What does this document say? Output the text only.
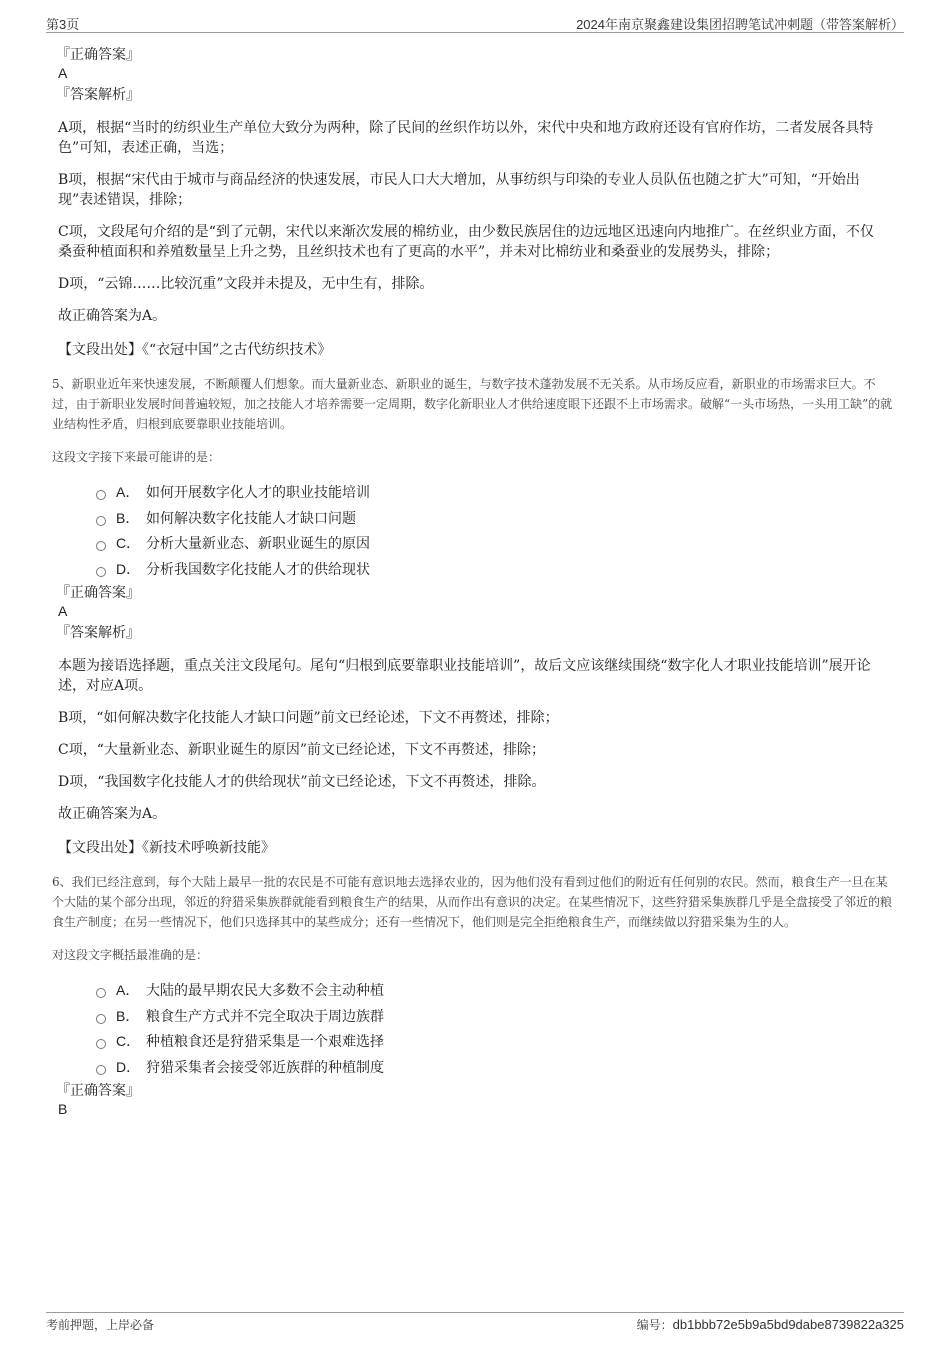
第3页	2024年南京聚鑫建设集团招聘笔试冲刺题（带答案解析）
『正确答案』
A
『答案解析』
A项，根据“当时的纺织业生产单位大致分为两种，除了民间的丝织作坊以外，宋代中央和地方政府还设有官府作坊，二者发展各具特色”可知，表述正确，当选；
B项，根据“宋代由于城市与商品经济的快速发展，市民人口大大增加，从事纺织与印染的专业人员队伍也随之扩大”可知，“开始出现”表述错误，排除；
C项，文段尾句介绍的是“到了元朝，宋代以来渐次发展的棉纺业，由少数民族居住的边远地区迅速向内地推广。在丝织业方面，不仅桑蚕种植面积和养殖数量呈上升之势，且丝织技术也有了更高的水平”，并未对比棉纺业和桑蚕业的发展势头，排除；
D项，“云锦……比较沉重”文段并未提及，无中生有，排除。
故正确答案为A。
【文段出处】《“衣冠中国”之古代纺织技术》
5、新职业近年来快速发展，不断颠覆人们想象。而大量新业态、新职业的诞生，与数字技术蓬勃发展不无关系。从市场反应看，新职业的市场需求巨大。不过，由于新职业发展时间普遍较短，加之技能人才培养需要一定周期，数字化新职业人才供给速度眼下还跟不上市场需求。破解“一头市场热，一头用工缺”的就业结构性矛盾，归根到底要靠职业技能培训。
这段文字接下来最可能讲的是：
A． 如何开展数字化人才的职业技能培训
B． 如何解决数字化技能人才缺口问题
C． 分析大量新业态、新职业诞生的原因
D． 分析我国数字化技能人才的供给现状
『正确答案』
A
『答案解析』
本题为接语选择题，重点关注文段尾句。尾句“归根到底要靠职业技能培训”，故后文应该继续围绕“数字化人才职业技能培训”展开论述，对应A项。
B项，“如何解决数字化技能人才缺口问题”前文已经论述，下文不再赘述，排除；
C项，“大量新业态、新职业诞生的原因”前文已经论述，下文不再赘述，排除；
D项，“我国数字化技能人才的供给现状”前文已经论述，下文不再赘述，排除。
故正确答案为A。
【文段出处】《新技术呼唤新技能》
6、我们已经注意到，每个大陆上最早一批的农民是不可能有意识地去选择农业的，因为他们没有看到过他们的附近有任何别的农民。然而，粮食生产一旦在某个大陆的某个部分出现，邻近的狩猎采集族群就能看到粮食生产的结果，从而作出有意识的决定。在某些情况下，这些狩猎采集族群几乎是全盘接受了邻近的粮食生产制度；在另一些情况下，他们只选择其中的某些成分；还有一些情况下，他们则是完全拒绝粮食生产，而继续做以狩猎采集为生的人。
对这段文字概括最准确的是：
A． 大陆的最早期农民大多数不会主动种植
B． 粮食生产方式并不完全取决于周边族群
C． 种植粮食还是狩猎采集是一个艰难选择
D． 狩猎采集者会接受邻近族群的种植制度
『正确答案』
B
考前押题，上岸必备	编号：db1bbb72e5b9a5bd9dabe8739822a325
